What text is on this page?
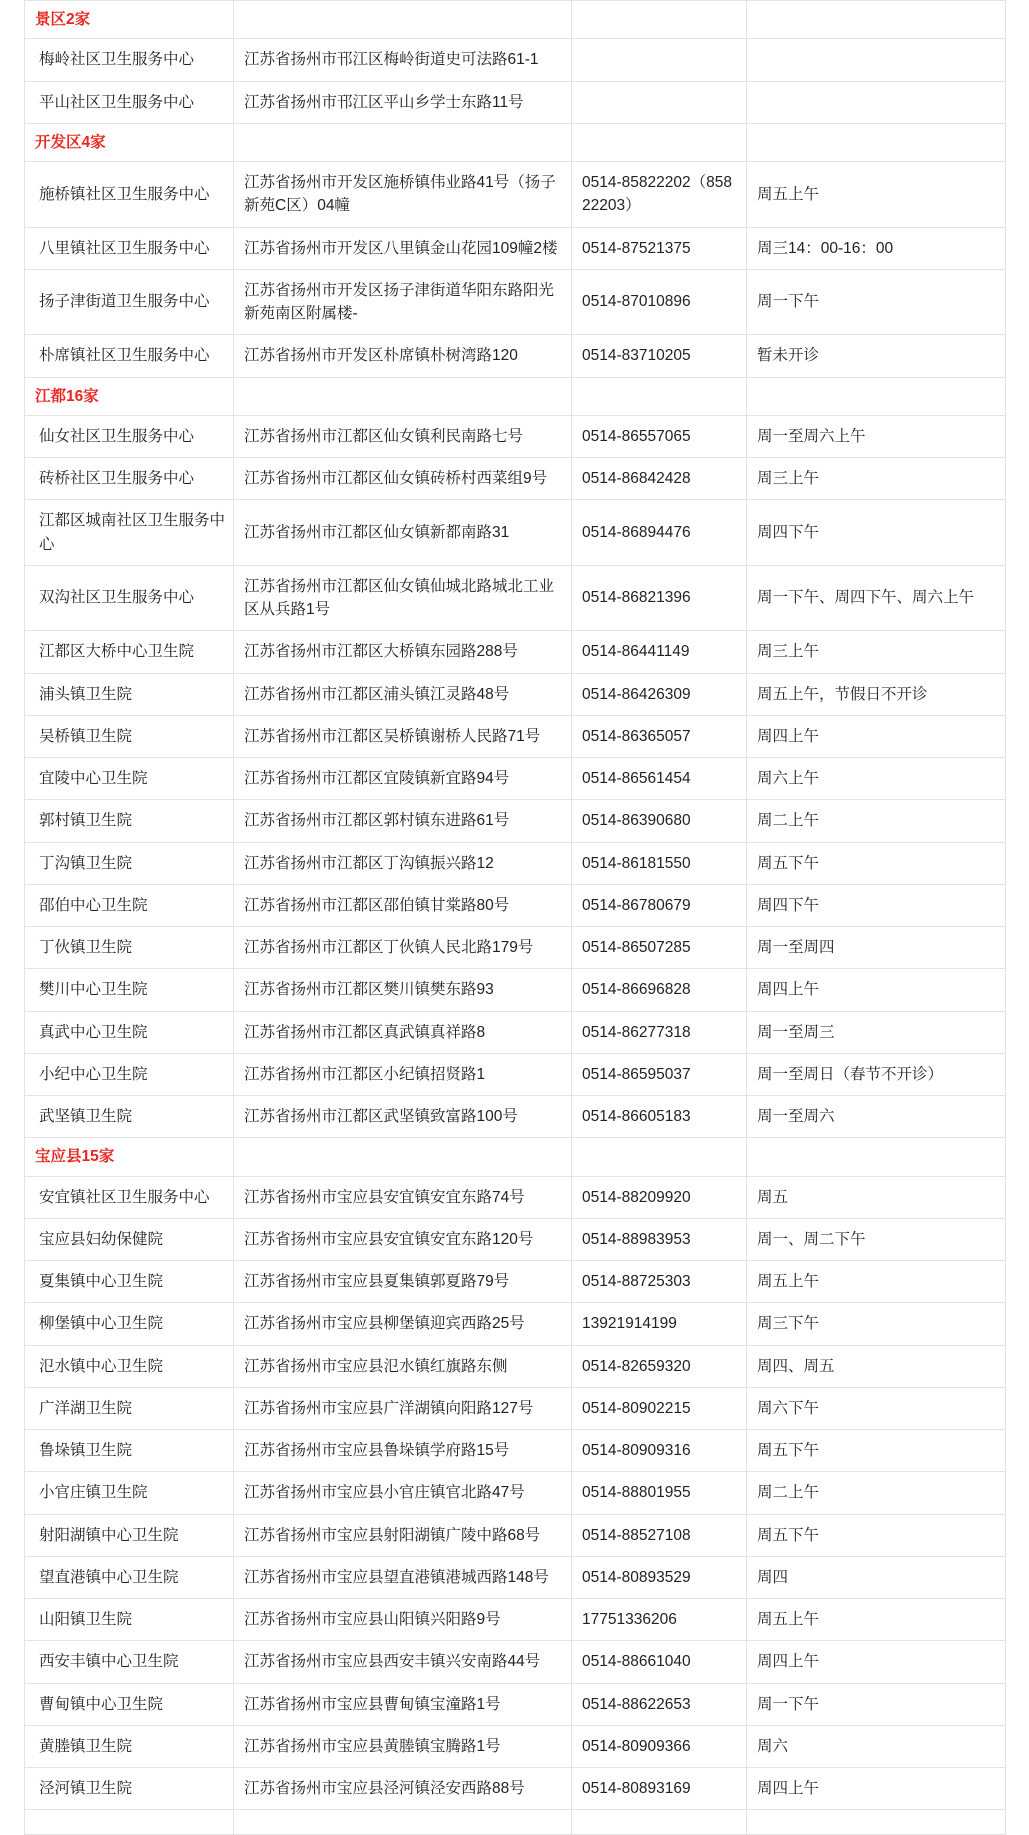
景区2家			
梅岭社区卫生服务中心	江苏省扬州市邗江区梅岭街道史可法路61-1		
平山社区卫生服务中心	江苏省扬州市邗江区平山乡学士东路11号		
开发区4家			
施桥镇社区卫生服务中心	江苏省扬州市开发区施桥镇伟业路41号（扬子新苑C区）04幢	0514-85822202（85822203）	周五上午
八里镇社区卫生服务中心	江苏省扬州市开发区八里镇金山花园109幢2楼	0514-87521375	周三14：00-16：00
扬子津街道卫生服务中心	江苏省扬州市开发区扬子津街道华阳东路阳光新苑南区附属楼-	0514-87010896	周一下午
朴席镇社区卫生服务中心	江苏省扬州市开发区朴席镇朴树湾路120	0514-83710205	暂未开诊
江都16家			
仙女社区卫生服务中心	江苏省扬州市江都区仙女镇利民南路七号	0514-86557065	周一至周六上午
砖桥社区卫生服务中心	江苏省扬州市江都区仙女镇砖桥村西菜组9号	0514-86842428	周三上午
江都区城南社区卫生服务中心	江苏省扬州市江都区仙女镇新都南路31	0514-86894476	周四下午
双沟社区卫生服务中心	江苏省扬州市江都区仙女镇仙城北路城北工业区从兵路1号	0514-86821396	周一下午、周四下午、周六上午
江都区大桥中心卫生院	江苏省扬州市江都区大桥镇东园路288号	0514-86441149	周三上午
浦头镇卫生院	江苏省扬州市江都区浦头镇江灵路48号	0514-86426309	周五上午，节假日不开诊
吴桥镇卫生院	江苏省扬州市江都区吴桥镇谢桥人民路71号	0514-86365057	周四上午
宜陵中心卫生院	江苏省扬州市江都区宜陵镇新宜路94号	0514-86561454	周六上午
郭村镇卫生院	江苏省扬州市江都区郭村镇东进路61号	0514-86390680	周二上午
丁沟镇卫生院	江苏省扬州市江都区丁沟镇振兴路12	0514-86181550	周五下午
邵伯中心卫生院	江苏省扬州市江都区邵伯镇甘棠路80号	0514-86780679	周四下午
丁伙镇卫生院	江苏省扬州市江都区丁伙镇人民北路179号	0514-86507285	周一至周四
樊川中心卫生院	江苏省扬州市江都区樊川镇樊东路93	0514-86696828	周四上午
真武中心卫生院	江苏省扬州市江都区真武镇真祥路8	0514-86277318	周一至周三
小纪中心卫生院	江苏省扬州市江都区小纪镇招贤路1	0514-86595037	周一至周日（春节不开诊）
武坚镇卫生院	江苏省扬州市江都区武坚镇致富路100号	0514-86605183	周一至周六
宝应县15家			
安宜镇社区卫生服务中心	江苏省扬州市宝应县安宜镇安宜东路74号	0514-88209920	周五
宝应县妇幼保健院	江苏省扬州市宝应县安宜镇安宜东路120号	0514-88983953	周一、周二下午
夏集镇中心卫生院	江苏省扬州市宝应县夏集镇郭夏路79号	0514-88725303	周五上午
柳堡镇中心卫生院	江苏省扬州市宝应县柳堡镇迎宾西路25号	13921914199	周三下午
氾水镇中心卫生院	江苏省扬州市宝应县氾水镇红旗路东侧	0514-82659320	周四、周五
广洋湖卫生院	江苏省扬州市宝应县广洋湖镇向阳路127号	0514-80902215	周六下午
鲁垛镇卫生院	江苏省扬州市宝应县鲁垛镇学府路15号	0514-80909316	周五下午
小官庄镇卫生院	江苏省扬州市宝应县小官庄镇官北路47号	0514-88801955	周二上午
射阳湖镇中心卫生院	江苏省扬州市宝应县射阳湖镇广陵中路68号	0514-88527108	周五下午
望直港镇中心卫生院	江苏省扬州市宝应县望直港镇港城西路148号	0514-80893529	周四
山阳镇卫生院	江苏省扬州市宝应县山阳镇兴阳路9号	17751336206	周五上午
西安丰镇中心卫生院	江苏省扬州市宝应县西安丰镇兴安南路44号	0514-88661040	周四上午
曹甸镇中心卫生院	江苏省扬州市宝应县曹甸镇宝潼路1号	0514-88622653	周一下午
黄塍镇卫生院	江苏省扬州市宝应县黄塍镇宝腾路1号	0514-80909366	周六
泾河镇卫生院	江苏省扬州市宝应县泾河镇泾安西路88号	0514-80893169	周四上午
